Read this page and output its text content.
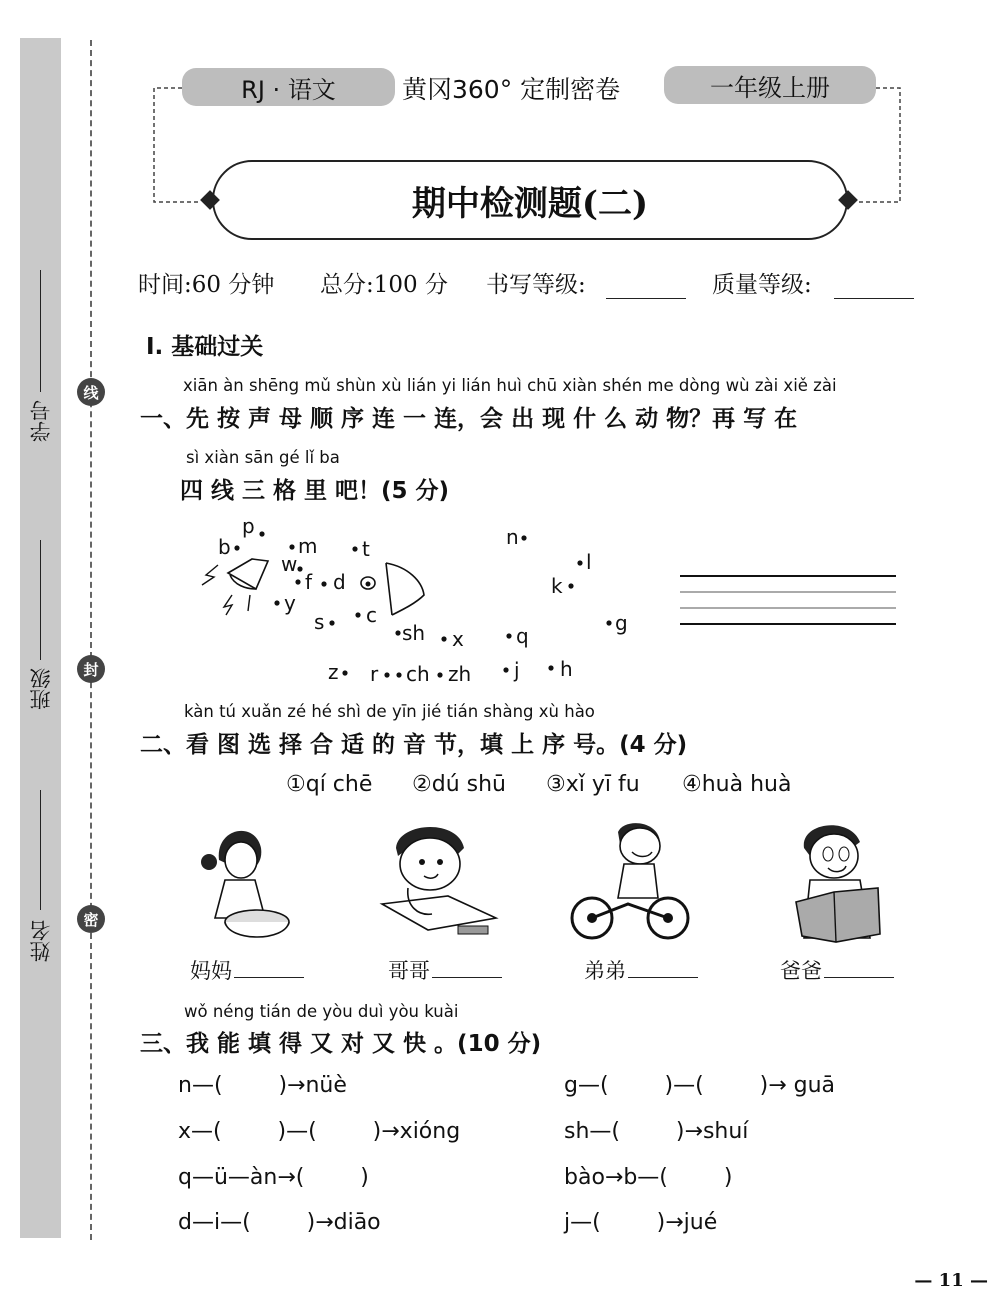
线
封
密
学号
班级
姓名
RJ · 语文	黄冈360° 定制密卷	一年级上册
期中检测题(二)
时间:60 分钟 总分:100 分 书写等级:	质量等级:
Ⅰ. 基础过关
xiān àn shēng mǔ shùn xù lián yi lián huì chū xiàn shén me dòng wù zài xiě zài
一、先 按 声 母 顺 序 连 一 连，会 出 现 什 么 动 物？再 写 在
sì xiàn sān gé lǐ ba
四 线 三 格 里 吧！(5 分)
p
b	m
w
t
f d
y	c
s	sh x	q
z r ch zh j h
n
l
k
g
kàn tú xuǎn zé hé shì de yīn jié tián shàng xù hào
二、看 图 选 择 合 适 的 音 节，填 上 序 号。(4 分)
①qí chē ②dú shū ③xǐ yī fu ④huà huà
妈妈	哥哥	弟弟	爸爸
wǒ néng tián de yòu duì yòu kuài
三、我 能 填 得 又 对 又 快 。(10 分)
n—(        )→nüè
x—(        )—(        )→xióng
q—ü—àn→(        )
d—i—(        )→diāo
g—(        )—(        )→ guā
sh—(        )→shuí
bào→b—(        )
j—(        )→jué
— 11 —
